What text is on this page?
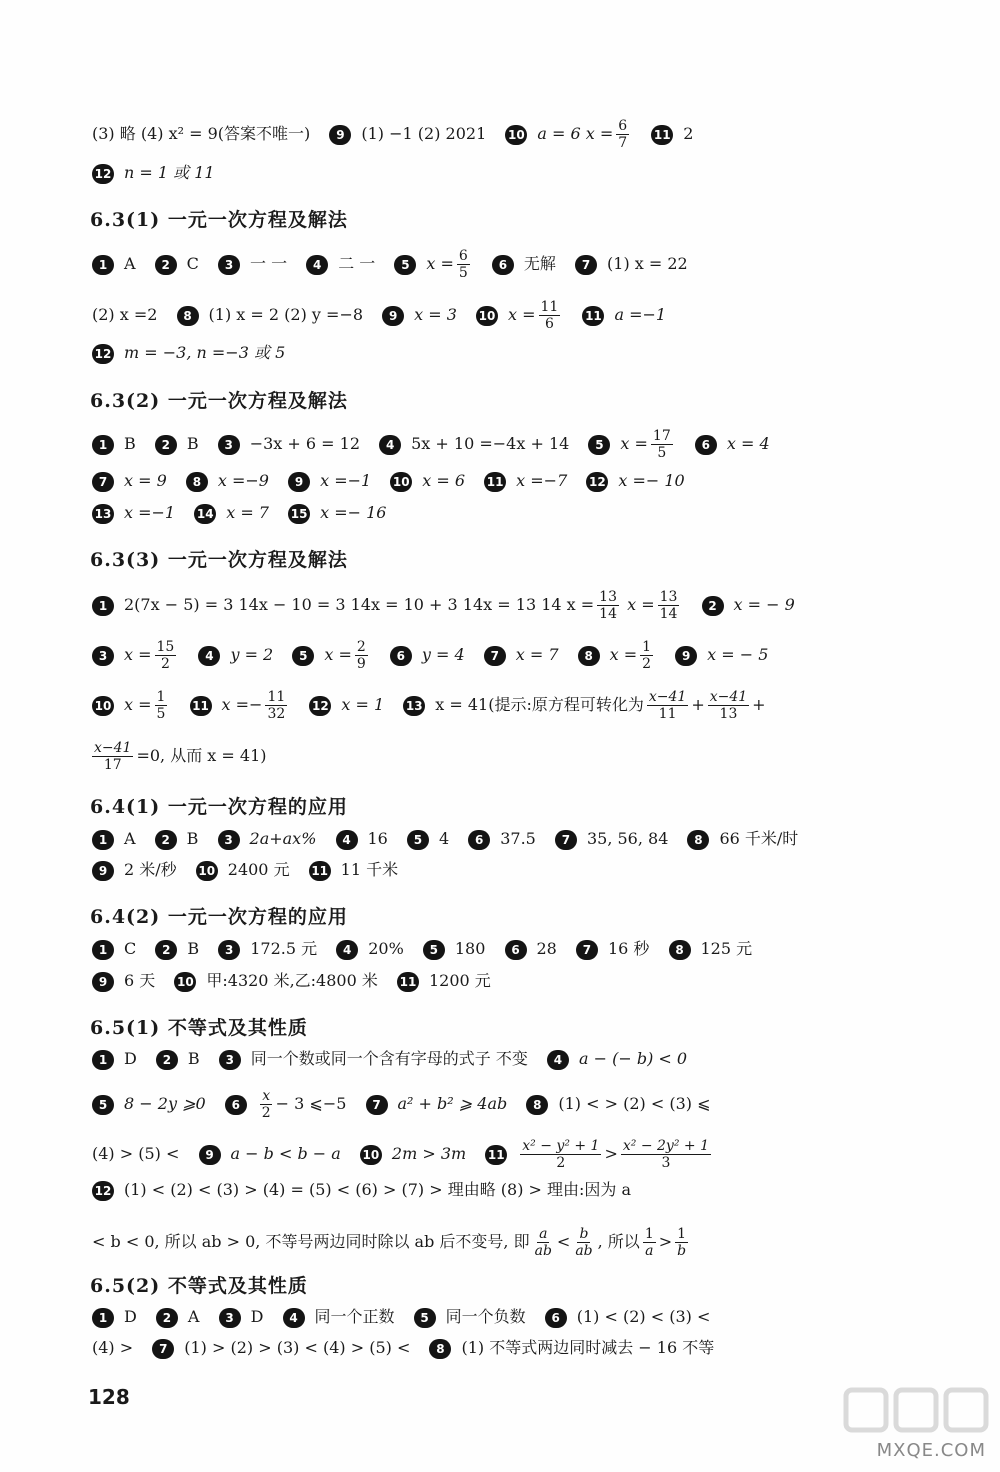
(3) 略 (4) x² = 9(答案不唯一) 9 (1) −1 (2) 2021 10 a = 6 $x = \frac{6}{7} 11$ 2
12 n = 1 或 11
6.3(1) 一元一次方程及解法
1 A 2 C 3 一 一 4 二 一 5 $x = \frac{6}{5} 6$ 无解 7 (1) x = 22
(2) x =2 8 (1) x = 2 (2) y =−8 9 x = 3 10 $x = \frac{11}{6} 11$ a =−1
12 m = −3, n =−3 或 5
6.3(2) 一元一次方程及解法
1 B 2 B 3 −3x + 6 = 12 4 5x + 10 =−4x + 14 5 $x = \frac{17}{5} 6$ x = 4
7 x = 9 8 x =−9 9 x =−1 10 x = 6 11 x =−7 12 x =− 10
13 x =−1 14 x = 7 15 x =− 16
6.3(3) 一元一次方程及解法
1 2(7x − 5) = 3 14x − 10 = 3 14x = 10 + 3 14x = 13 14 $x = \frac{13}{14}$ $x = \frac{13}{14} 2$ x = − 9
3 $x = \frac{15}{2} 4$ y = 2 5 $x = \frac{2}{9} 6$ y = 4 7 x = 7 8 $x = \frac{1}{2} 9$ x = − 5
10 $x = \frac{1}{5} 11$ $x =- \frac{11}{32} 12$ x = 1 13 x = 41(提示:原方程可转化为 $\frac{x-41}{11} + \frac{x-41}{13}$ +
$\frac{x-41}{17} =0$, 从而 x = 41)
6.4(1) 一元一次方程的应用
1 A 2 B 3 2a+ax% 4 16 5 4 6 37.5 7 35, 56, 84 8 66 千米/时
9 2 米/秒 10 2400 元 11 11 千米
6.4(2) 一元一次方程的应用
1 C 2 B 3 172.5 元 4 20% 5 180 6 28 7 16 秒 8 125 元
9 6 天 10 甲:4320 米,乙:4800 米 11 1200 元
6.5(1) 不等式及其性质
1 D 2 B 3 同一个数或同一个含有字母的式子 不变 4 a − (− b) < 0
5 8 − 2y ⩾0 $6 \frac{x}{2} - 3$ ⩽−5 7 a² + b² ⩾ 4ab 8 (1) < > (2) < (3) ⩽
(4) > (5) < 9 a − b < b − a 10 2m > 3m $11 \frac{\text{x² − y² + 1}}{2} > \frac{\text{x² − 2y² + 1}}{3}$
12 (1) < (2) < (3) > (4) = (5) < (6) > (7) > 理由略 (8) > 理由:因为 a
< b < 0, 所以 ab > 0, 不等号两边同时除以 ab 后不变号, 即 $\frac{a}{ab} < \frac{b}{ab}$ , 所以 $\frac{1}{a} > \frac{1}{b}$
6.5(2) 不等式及其性质
1 D 2 A 3 D 4 同一个正数 5 同一个负数 6 (1) < (2) < (3) <
(4) > 7 (1) > (2) > (3) < (4) > (5) < 8 (1) 不等式两边同时减去 − 16 不等
128
MXQE.COM
